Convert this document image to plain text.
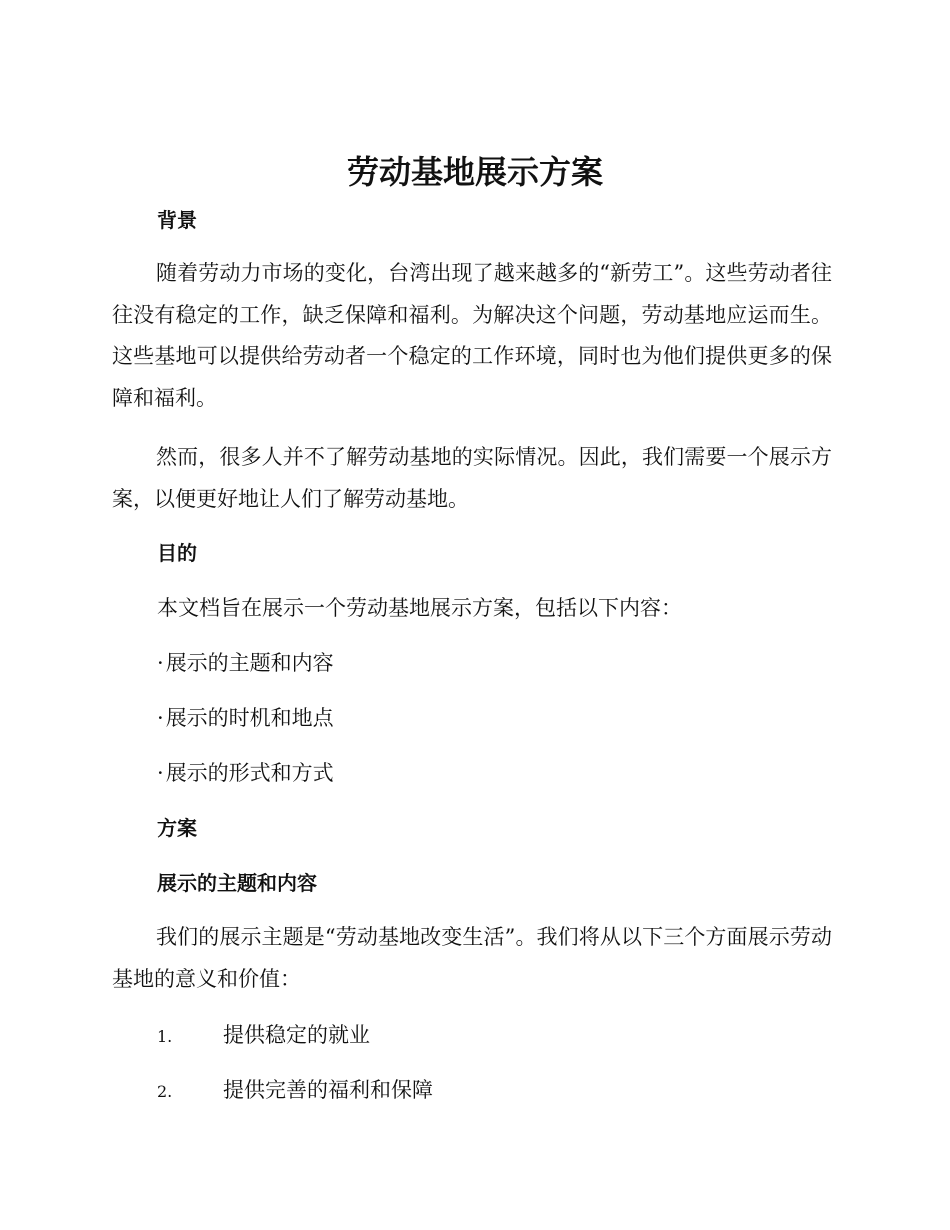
劳动基地展示方案
背景

随着劳动力市场的变化，台湾出现了越来越多的“新劳工”。这些劳动者往往没有稳定的工作，缺乏保障和福利。为解决这个问题，劳动基地应运而生。这些基地可以提供给劳动者一个稳定的工作环境，同时也为他们提供更多的保障和福利。

然而，很多人并不了解劳动基地的实际情况。因此，我们需要一个展示方案，以便更好地让人们了解劳动基地。

目的

本文档旨在展示一个劳动基地展示方案，包括以下内容：

·展示的主题和内容

·展示的时机和地点

·展示的形式和方式

方案
展示的主题和内容

我们的展示主题是“劳动基地改变生活”。我们将从以下三个方面展示劳动基地的意义和价值：

1. 提供稳定的就业

2. 提供完善的福利和保障
